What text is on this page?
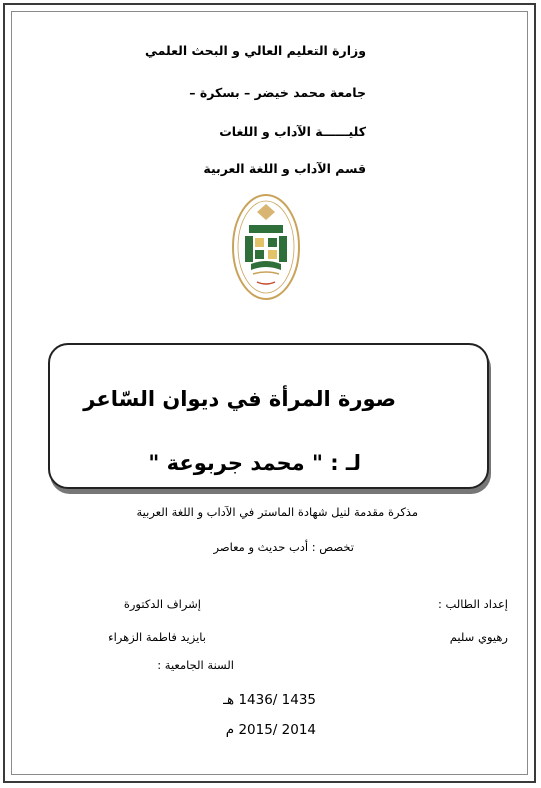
وزارة التعليم العالي و البحث العلمي
جامعة محمد خيضر – بسكرة –
كليــــــة الآداب و اللغات
قسم الآداب و اللغة العربية
صورة المرأة في ديوان السّاعر
لـ : " محمد جربوعة "
مذكرة مقدمة لنيل شهادة الماستر في الآداب و اللغة العربية
تخصص : أدب حديث و معاصر
إعداد الطالب :
إشراف الدكتورة
رهيوي سليم
بايزيد فاطمة الزهراء
السنة الجامعية :
1435 /1436 هـ
2014 /2015 م
